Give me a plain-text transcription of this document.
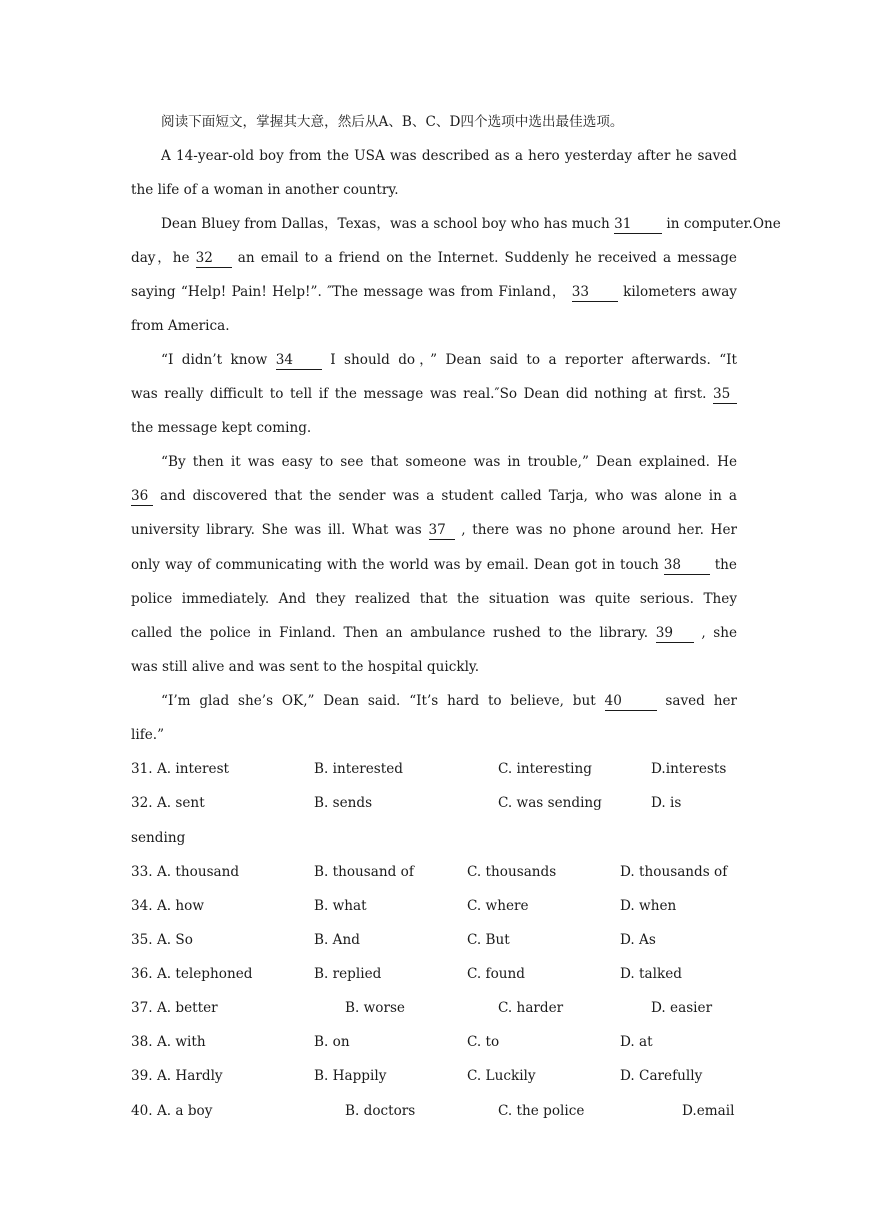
阅读下面短文，掌握其大意，然后从A、B、C、D四个选项中选出最佳选项。
A 14-year-old boy from the USA was described as a hero yesterday after he saved
the life of a woman in another country.
Dean Bluey from Dallas，Texas，was a school boy who has much 31	in computer.One
day，he 32 an email to a friend on the Internet. Suddenly he received a message
saying “Help! Pain! Help!”. ″The message was from Finland， 33	kilometers away
from America.
“I didn’t know 34	I should do，” Dean said to a reporter afterwards. “It
was really difficult to tell if the message was real.″So Dean did nothing at first. 35
the message kept coming.
“By then it was easy to see that someone was in trouble,” Dean explained. He
36 and discovered that the sender was a student called Tarja, who was alone in a
university library. She was ill. What was 37 , there was no phone around her. Her
only way of communicating with the world was by email. Dean got in touch 38 the
police immediately. And they realized that the situation was quite serious. They
called the police in Finland. Then an ambulance rushed to the library. 39 , she
was still alive and was sent to the hospital quickly.
“I’m glad she’s OK,” Dean said. “It’s hard to believe, but 40	saved her
life.”
31. A. interest	B. interested	C. interesting	D.interests
32. A. sent	B. sends	C. was sending	D. is
sending
33. A. thousand	B. thousand of	C. thousands	D. thousands of
34. A. how	B. what	C. where	D. when
35. A. So	B. And	C. But	D. As
36. A. telephoned	B. replied	C. found	D. talked
37. A. better	B. worse	C. harder	D. easier
38. A. with	B. on	C. to	D. at
39. A. Hardly	B. Happily	C. Luckily	D. Carefully
40. A. a boy	B. doctors	C. the police	D.email
